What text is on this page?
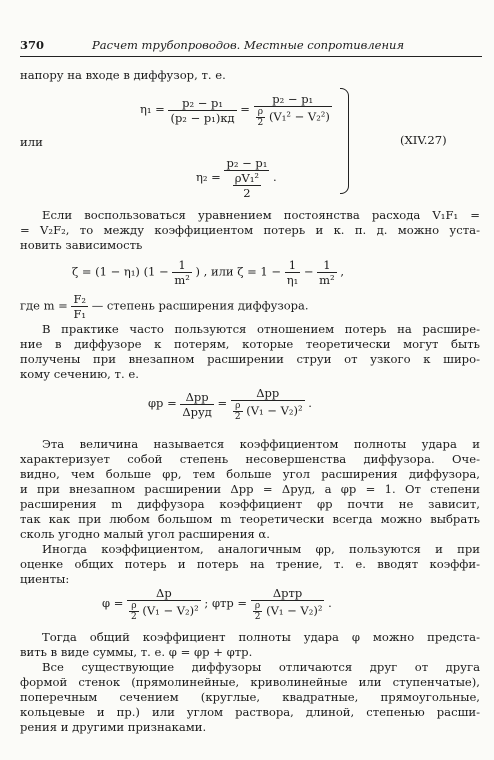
370	Расчет трубопроводов. Местные сопротивления
напору на входе в диффузор, т. е.
$\eta_1 = \frac{\text{p₂ − p₁}}{\text{(p₂ − p₁)кд}} = \frac{\text{p₂ − p₁}}{\frac{\rho}{2} (V_1^2 - V_2^2)}$
или
$\eta_2 = \frac{\text{p₂ − p₁}}{\frac{\text{ρV₁²}}{2}}$ .
(XIV.27)
Если воспользоваться уравнением постоянства расхода V₁F₁ =
= V₂F₂, то между коэффициентом потерь и к. п. д. можно уста-
новить зависимость
ζ = (1 − η₁) ($1 - \frac{1}{\text{m²}}$ ) , или $\zeta = 1 - \frac{1}{\text{η₁}} - \frac{1}{\text{m²}}$ ,
где $m = \frac{\text{F₂}}{\text{F₁}}$ — степень расширения диффузора.
В практике часто пользуются отношением потерь на расшире-
ние в диффузоре к потерям, которые теоретически могут быть
получены при внезапном расширении струи от узкого к широ-
кому сечению, т. е.
$\varphi р = \frac{\text{Δpр}}{\text{Δpуд}} = \frac{\text{Δpр}}{\frac{\rho}{2} (V_1 - V_2)^2}$ .
Эта величина называется коэффициентом полноты удара и
характеризует собой степень несовершенства диффузора. Оче-
видно, чем больше φр, тем больше угол расширения диффузора,
и при внезапном расширении Δpр = Δpуд, а φр = 1. От степени
расширения m диффузора коэффициент φр почти не зависит,
так как при любом большом m теоретически всегда можно выбрать
сколь угодно малый угол расширения α.
Иногда коэффициентом, аналогичным φр, пользуются и при
оценке общих потерь и потерь на трение, т. е. вводят коэффи-
циенты:
$\varphi = \frac{\Delta p}{\frac{\rho}{2} (V_1 - V_2)^2}$ ; $\varphi тр = \frac{\text{Δpтр}}{\frac{\rho}{2} (V_1 - V_2)^2}$ .
Тогда общий коэффициент полноты удара φ можно предста-
вить в виде суммы, т. е. φ = φр + φтр.
Все существующие диффузоры отличаются друг от друга
формой стенок (прямолинейные, криволинейные или ступенчатые),
поперечным сечением (круглые, квадратные, прямоугольные,
кольцевые и пр.) или углом раствора, длиной, степенью расши-
рения и другими признаками.
